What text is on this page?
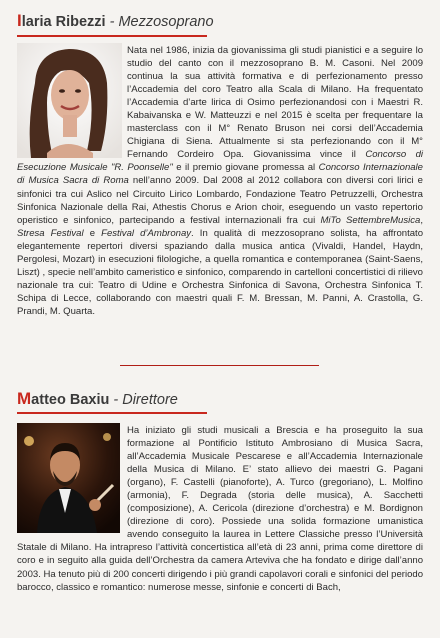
Ilaria Ribezzi - Mezzosoprano
Nata nel 1986, inizia da giovanissima gli studi pianistici e a seguire lo studio del canto con il mezzosoprano B. M. Casoni. Nel 2009 continua la sua attività formativa e di perfezionamento presso l’Accademia del coro Teatro alla Scala di Milano. Ha frequentato l’Accademia d’arte lirica di Osimo perfezionandosi con i Maestri R. Kabaivanska e W. Matteuzzi e nel 2015 è scelta per frequentare la masterclass con il M° Renato Bruson nei corsi dell’Accademia Chigiana di Siena. Attualmente si sta perfezionando con il M° Fernando Cordeiro Opa. Giovanissima vince il Concorso di Esecuzione Musicale "R. Poonselle" e il premio giovane promessa al Concorso Internazionale di Musica Sacra di Roma nell’anno 2009. Dal 2008 al 2012 collabora con diversi cori lirici e sinfonici tra cui Aslico nel Circuito Lirico Lombardo, Fondazione Teatro Petruzzelli, Orchestra Sinfonica Nazionale della Rai, Athestis Chorus e Arion choir, eseguendo un vasto repertorio operistico e sinfonico, partecipando a festival internazionali fra cui MiTo SettembreMusica, Stresa Festival e Festival d’Ambronay. In qualità di mezzosoprano solista, ha affrontato elegantemente repertori diversi spaziando dalla musica antica (Vivaldi, Handel, Haydn, Pergolesi, Mozart) in esecuzioni filologiche, a quella romantica e contemporanea (Saint-Saens, Liszt) , specie nell’ambito cameristico e sinfonico, comparendo in cartelloni concertistici di rilievo nazionale tra cui: Teatro di Udine e Orchestra Sinfonica di Savona, Orchestra Sinfonica T. Schipa di Lecce, collaborando con maestri quali F. M. Bressan, M. Panni, A. Crastolla, G. Prandi, M. Quarta.
Matteo Baxiu - Direttore
Ha iniziato gli studi musicali a Brescia e ha proseguito la sua formazione al Pontificio Istituto Ambrosiano di Musica Sacra, all’Accademia Musicale Pescarese e all’Accademia Internazionale della Musica di Milano. E’ stato allievo dei maestri G. Pagani (organo), F. Castelli (pianoforte), A. Turco (gregoriano), L. Molfino (armonia), F. Degrada (storia delle musica), A. Sacchetti (composizione), A. Cericola (direzione d’orchestra) e M. Bordignon (direzione di coro). Possiede una solida formazione umanistica avendo conseguito la laurea in Lettere Classiche presso l’Università Statale di Milano. Ha intrapreso l’attività concertistica all’età di 23 anni, prima come direttore di coro e in seguito alla guida dell’Orchestra da camera Arteviva che ha fondato e dirige dall’anno 2003. Ha tenuto più di 200 concerti dirigendo i più grandi capolavori corali e sinfonici del periodo barocco, classico e romantico: numerose messe, sinfonie e concerti di Bach,
